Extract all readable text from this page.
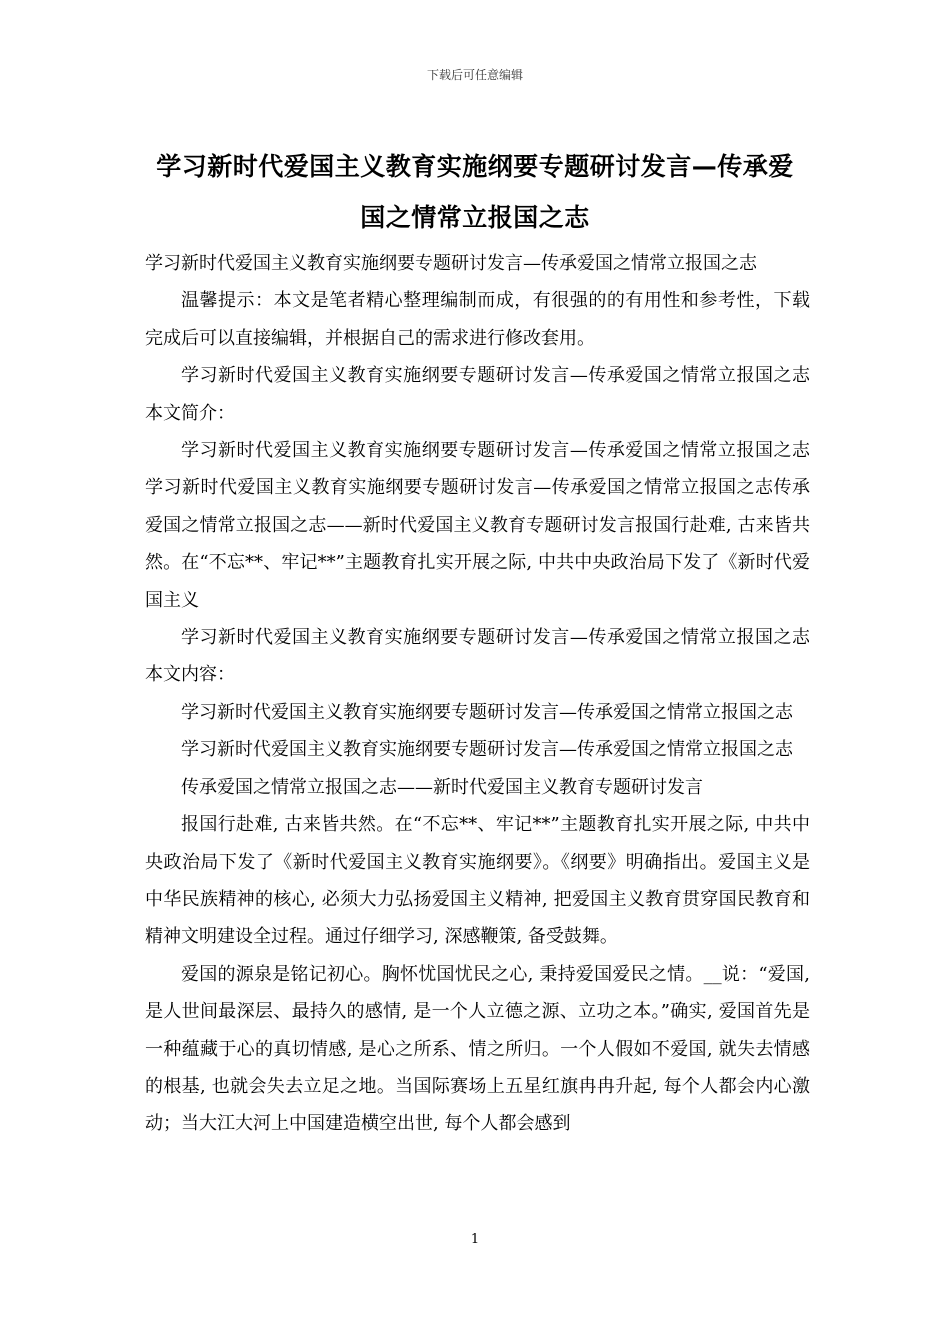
下载后可任意编辑
学习新时代爱国主义教育实施纲要专题研讨发言—传承爱
国之情常立报国之志

学习新时代爱国主义教育实施纲要专题研讨发言—传承爱国之情常立报国之志

温馨提示：本文是笔者精心整理编制而成，有很强的的有用性和参考性，下载完成后可以直接编辑，并根据自己的需求进行修改套用。

学习新时代爱国主义教育实施纲要专题研讨发言—传承爱国之情常立报国之志本文简介：

学习新时代爱国主义教育实施纲要专题研讨发言—传承爱国之情常立报国之志学习新时代爱国主义教育实施纲要专题研讨发言—传承爱国之情常立报国之志传承爱国之情常立报国之志——新时代爱国主义教育专题研讨发言报国行赴难, 古来皆共然。在“不忘**、牢记**”主题教育扎实开展之际, 中共中央政治局下发了《新时代爱国主义

学习新时代爱国主义教育实施纲要专题研讨发言—传承爱国之情常立报国之志本文内容：

学习新时代爱国主义教育实施纲要专题研讨发言—传承爱国之情常立报国之志

学习新时代爱国主义教育实施纲要专题研讨发言—传承爱国之情常立报国之志

传承爱国之情常立报国之志——新时代爱国主义教育专题研讨发言

报国行赴难, 古来皆共然。在“不忘**、牢记**”主题教育扎实开展之际, 中共中央政治局下发了《新时代爱国主义教育实施纲要》。《纲要》明确指出。爱国主义是中华民族精神的核心, 必须大力弘扬爱国主义精神, 把爱国主义教育贯穿国民教育和精神文明建设全过程。通过仔细学习, 深感鞭策, 备受鼓舞。

爱国的源泉是铭记初心。胸怀忧国忧民之心, 秉持爱国爱民之情。__说：“爱国, 是人世间最深层、最持久的感情, 是一个人立德之源、立功之本。”确实, 爱国首先是一种蕴藏于心的真切情感, 是心之所系、情之所归。一个人假如不爱国, 就失去情感的根基, 也就会失去立足之地。当国际赛场上五星红旗冉冉升起, 每个人都会内心激动；当大江大河上中国建造横空出世, 每个人都会感到

1
